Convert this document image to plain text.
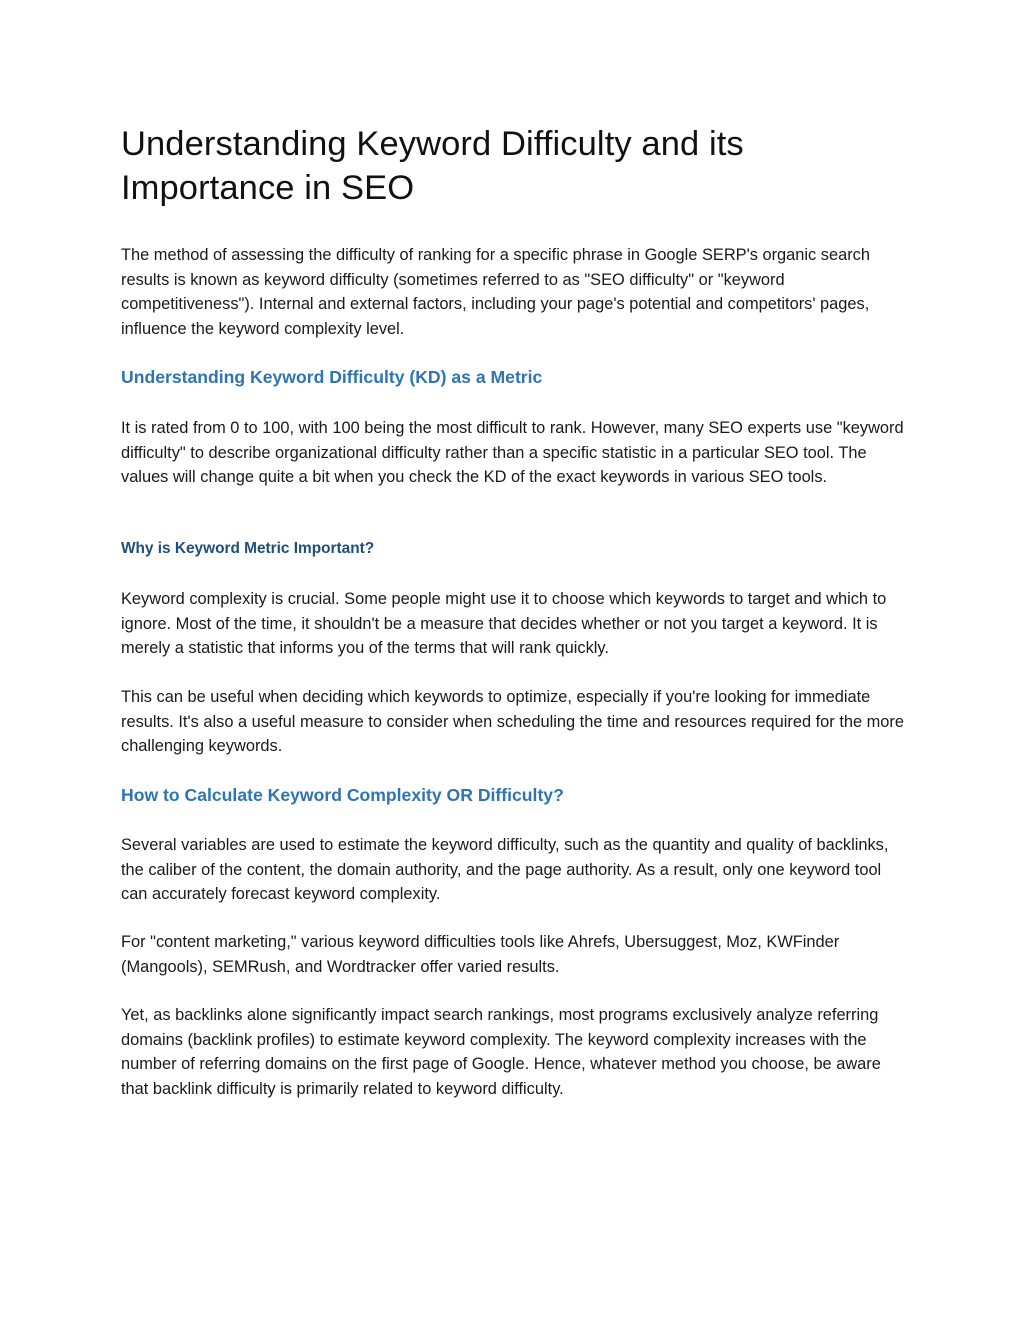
Understanding Keyword Difficulty and its Importance in SEO

The method of assessing the difficulty of ranking for a specific phrase in Google SERP's organic search results is known as keyword difficulty (sometimes referred to as "SEO difficulty" or "keyword competitiveness"). Internal and external factors, including your page's potential and competitors' pages, influence the keyword complexity level.

Understanding Keyword Difficulty (KD) as a Metric

It is rated from 0 to 100, with 100 being the most difficult to rank. However, many SEO experts use "keyword difficulty" to describe organizational difficulty rather than a specific statistic in a particular SEO tool. The values will change quite a bit when you check the KD of the exact keywords in various SEO tools.

Why is Keyword Metric Important?

Keyword complexity is crucial. Some people might use it to choose which keywords to target and which to ignore. Most of the time, it shouldn't be a measure that decides whether or not you target a keyword. It is merely a statistic that informs you of the terms that will rank quickly.

This can be useful when deciding which keywords to optimize, especially if you're looking for immediate results. It's also a useful measure to consider when scheduling the time and resources required for the more challenging keywords.

How to Calculate Keyword Complexity OR Difficulty?

Several variables are used to estimate the keyword difficulty, such as the quantity and quality of backlinks, the caliber of the content, the domain authority, and the page authority. As a result, only one keyword tool can accurately forecast keyword complexity.

For "content marketing," various keyword difficulties tools like Ahrefs, Ubersuggest, Moz, KWFinder (Mangools), SEMRush, and Wordtracker offer varied results.

Yet, as backlinks alone significantly impact search rankings, most programs exclusively analyze referring domains (backlink profiles) to estimate keyword complexity. The keyword complexity increases with the number of referring domains on the first page of Google. Hence, whatever method you choose, be aware that backlink difficulty is primarily related to keyword difficulty.
